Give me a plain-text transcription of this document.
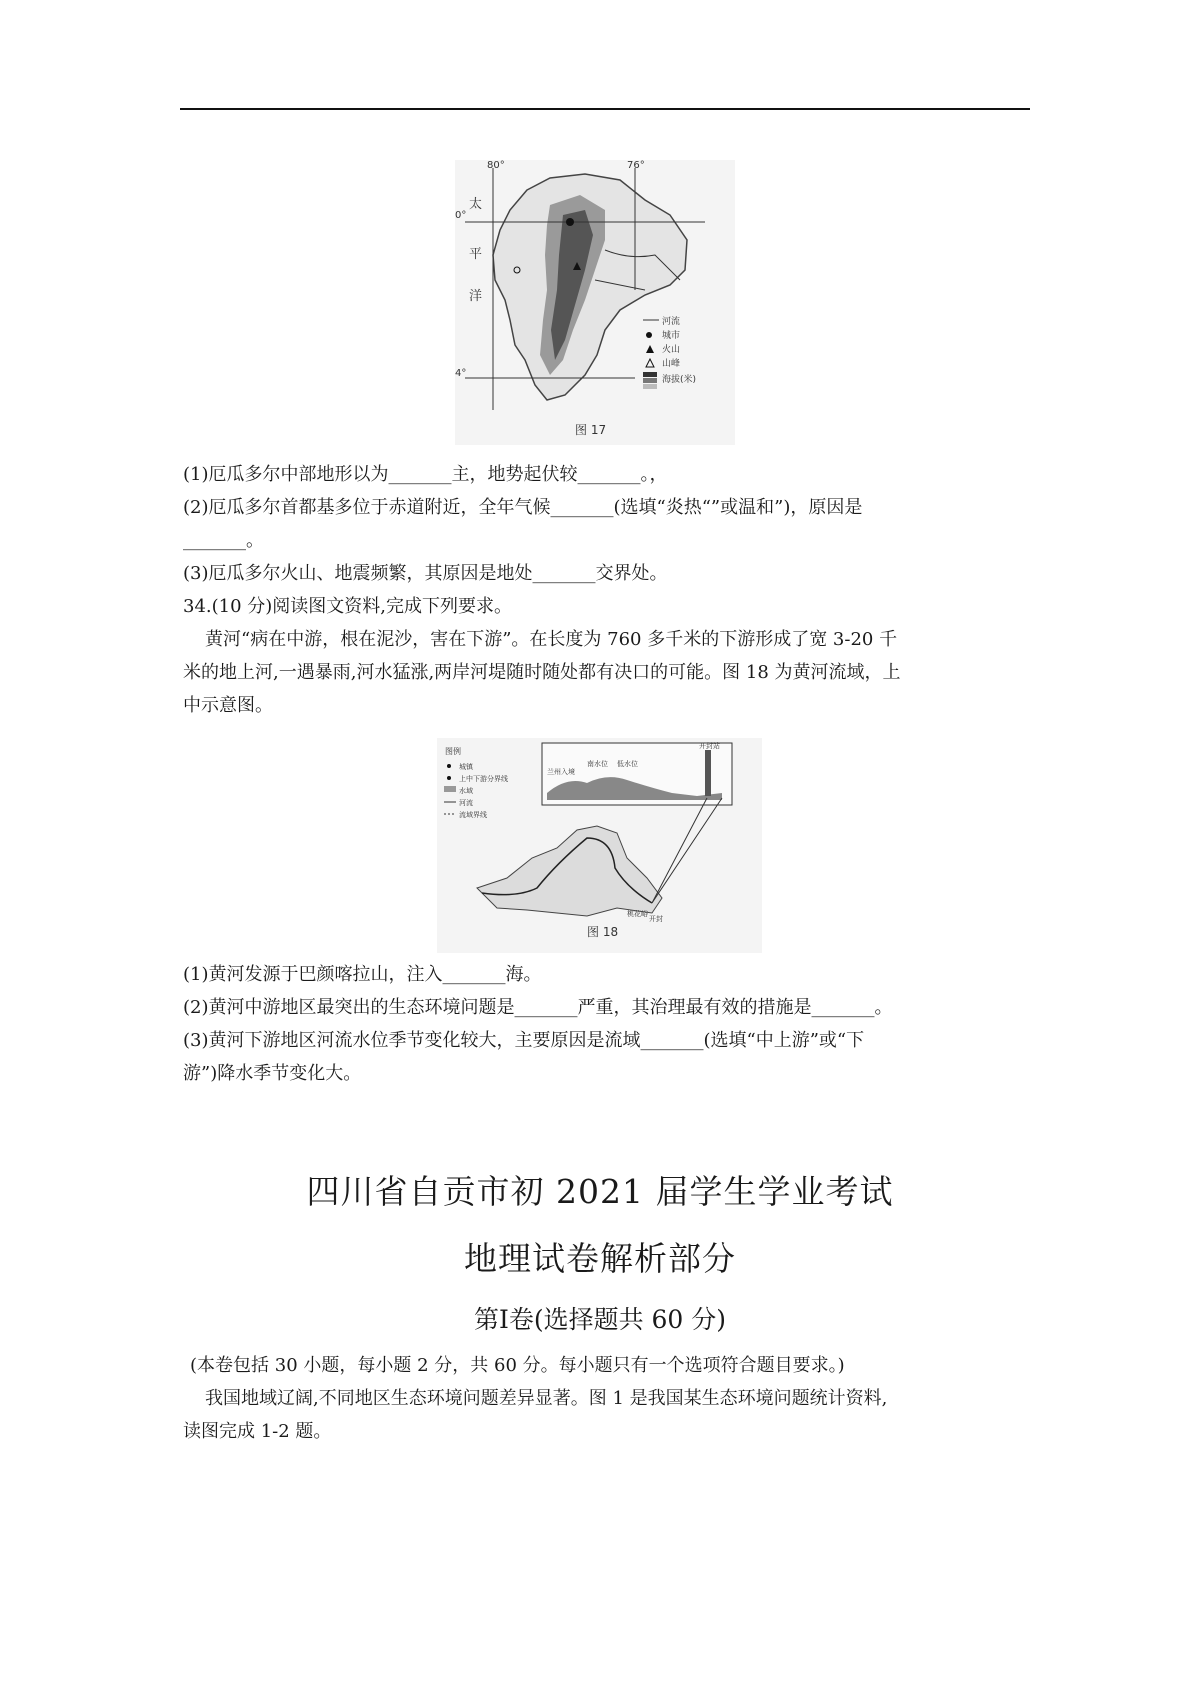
80°	76°
0°
4°
太
平
洋
河流
城市
火山
山峰
海拔(米)
图 17
(1)厄瓜多尔中部地形以为_______主，地势起伏较_______。，
(2)厄瓜多尔首都基多位于赤道附近，全年气候_______(选填“炎热“”或温和”)，原因是
_______。
(3)厄瓜多尔火山、地震频繁，其原因是地处_______交界处。
34.(10 分)阅读图文资料,完成下列要求。
黄河“病在中游，根在泥沙，害在下游”。在长度为 760 多千米的下游形成了宽 3-20 千
米的地上河,一遇暴雨,河水猛涨,两岸河堤随时随处都有决口的可能。图 18 为黄河流域，上
中示意图。
图例
城镇
上中下游分界线
水域
河流
流域界线
兰州入境
南水位 低水位
开封站
桃花峪
开封
图 18
(1)黄河发源于巴颜喀拉山，注入_______海。
(2)黄河中游地区最突出的生态环境问题是_______严重，其治理最有效的措施是_______。
(3)黄河下游地区河流水位季节变化较大，主要原因是流域_______(选填“中上游”或“下
游”)降水季节变化大。
四川省自贡市初 2021 届学生学业考试
地理试卷解析部分
第Ⅰ卷(选择题共 60 分)
(本卷包括 30 小题，每小题 2 分，共 60 分。每小题只有一个选项符合题目要求。)
我国地域辽阔,不同地区生态环境问题差异显著。图 1 是我国某生态环境问题统计资料,
读图完成 1-2 题。
